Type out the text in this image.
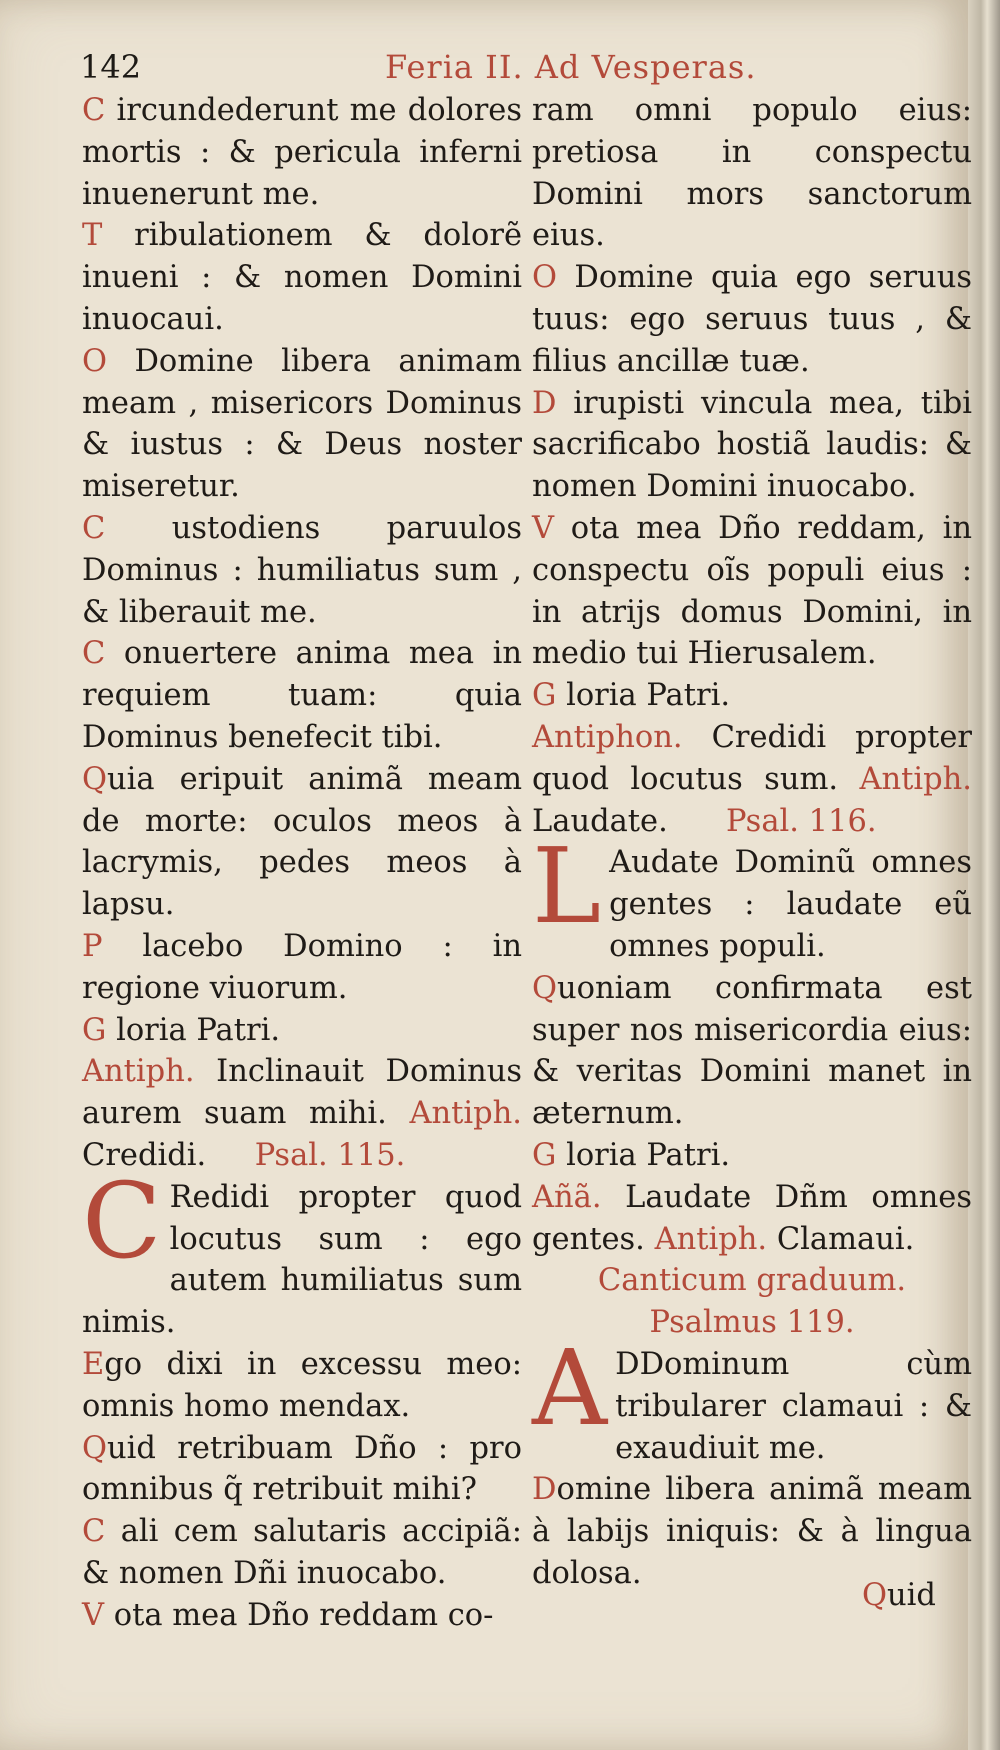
142	Feria II. Ad Vesperas.

C ircundederunt me dolores mortis : & pericula inferni inuenerunt me.

T ribulationem & dolorẽ inueni : & nomen Domini inuocaui.

O Domine libera animam meam , misericors Dominus & iustus : & Deus noster miseretur.

C ustodiens paruulos Dominus : humiliatus sum , & liberauit me.

C onuertere anima mea in requiem tuam: quia Dominus benefecit tibi.

Quia eripuit animã meam de morte: oculos meos à lacrymis, pedes meos à lapsu.

P lacebo Domino : in regione viuorum.

G loria Patri.

Antiph. Inclinauit Dominus aurem suam mihi. Antiph. Credidi. Psal. 115.

C Redidi propter quod locutus sum : ego autem humiliatus sum nimis.

Ego dixi in excessu meo: omnis homo mendax.

Quid retribuam Dño : pro omnibus q̃ retribuit mihi?

C ali cem salutaris accipiã: & nomen Dñi inuocabo.

V ota mea Dño reddam co-

ram omni populo eius: pretiosa in conspectu Domini mors sanctorum eius.

O Domine quia ego seruus tuus: ego seruus tuus , & filius ancillæ tuæ.

D irupisti vincula mea, tibi sacrificabo hostiã laudis: & nomen Domini inuocabo.

V ota mea Dño reddam, in conspectu oĩs populi eius : in atrijs domus Domini, in medio tui Hierusalem.

G loria Patri.

Antiphon. Credidi propter quod locutus sum. Antiph. Laudate. Psal. 116.

L Audate Dominũ omnes gentes : laudate eũ omnes populi.

Quoniam confirmata est super nos misericordia eius: & veritas Domini manet in æternum.

G loria Patri.

Añã. Laudate Dñm omnes gentes. Antiph. Clamaui.

Canticum graduum.

Psalmus 119.

A DDominum cùm tribularer clamaui : & exaudiuit me.

Domine libera animã meam à labijs iniquis: & à lingua dolosa.

Quid
